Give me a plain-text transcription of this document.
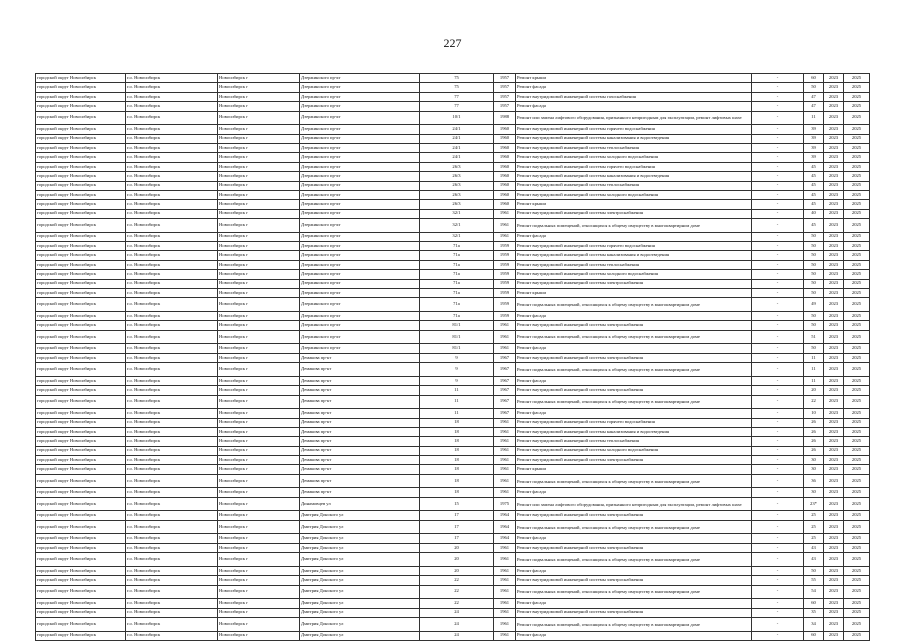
227
городской округ Новосибирск	г.о. Новосибирск	Новосибирск г	Дзержинского пр-кт	75	1957	Ремонт крыши	-	60	2023	2025
городской округ Новосибирск	г.о. Новосибирск	Новосибирск г	Дзержинского пр-кт	75	1957	Ремонт фасада	-	50	2023	2025
городской округ Новосибирск	г.о. Новосибирск	Новосибирск г	Дзержинского пр-кт	77	1957	Ремонт внутридомовой инженерной системы газоснабжения	-	47	2023	2025
городской округ Новосибирск	г.о. Новосибирск	Новосибирск г	Дзержинского пр-кт	77	1957	Ремонт фасада	-	47	2023	2025
городской округ Новосибирск	г.о. Новосибирск	Новосибирск г	Дзержинского пр-кт	10/1	1988	Ремонт или замена лифтового оборудования, признанного непригодным для эксплуатации, ремонт лифтовых шахт	-	11	2023	2025
городской округ Новосибирск	г.о. Новосибирск	Новосибирск г	Дзержинского пр-кт	24/1	1960	Ремонт внутридомовой инженерной системы горячего водоснабжения	-	39	2023	2025
городской округ Новосибирск	г.о. Новосибирск	Новосибирск г	Дзержинского пр-кт	24/1	1960	Ремонт внутридомовой инженерной системы канализования и водоотведения	-	39	2023	2025
городской округ Новосибирск	г.о. Новосибирск	Новосибирск г	Дзержинского пр-кт	24/1	1960	Ремонт внутридомовой инженерной системы теплоснабжения	-	39	2023	2025
городской округ Новосибирск	г.о. Новосибирск	Новосибирск г	Дзержинского пр-кт	24/1	1960	Ремонт внутридомовой инженерной системы холодного водоснабжения	-	39	2023	2025
городской округ Новосибирск	г.о. Новосибирск	Новосибирск г	Дзержинского пр-кт	26/3	1960	Ремонт внутридомовой инженерной системы горячего водоснабжения	-	45	2023	2025
городской округ Новосибирск	г.о. Новосибирск	Новосибирск г	Дзержинского пр-кт	26/3	1960	Ремонт внутридомовой инженерной системы канализования и водоотведения	-	45	2023	2025
городской округ Новосибирск	г.о. Новосибирск	Новосибирск г	Дзержинского пр-кт	26/3	1960	Ремонт внутридомовой инженерной системы теплоснабжения	-	45	2023	2025
городской округ Новосибирск	г.о. Новосибирск	Новосибирск г	Дзержинского пр-кт	26/3	1960	Ремонт внутридомовой инженерной системы холодного водоснабжения	-	45	2023	2025
городской округ Новосибирск	г.о. Новосибирск	Новосибирск г	Дзержинского пр-кт	26/3	1960	Ремонт крыши	-	45	2023	2025
городской округ Новосибирск	г.о. Новосибирск	Новосибирск г	Дзержинского пр-кт	32/1	1961	Ремонт внутридомовой инженерной системы электроснабжения	-	40	2023	2025
городской округ Новосибирск	г.о. Новосибирск	Новосибирск г	Дзержинского пр-кт	32/1	1961	Ремонт подвальных помещений, относящихся к общему имуществу в многоквартирном доме	-	45	2023	2025
городской округ Новосибирск	г.о. Новосибирск	Новосибирск г	Дзержинского пр-кт	32/1	1961	Ремонт фасада	-	50	2023	2025
городской округ Новосибирск	г.о. Новосибирск	Новосибирск г	Дзержинского пр-кт	71а	1959	Ремонт внутридомовой инженерной системы горячего водоснабжения	-	50	2023	2025
городской округ Новосибирск	г.о. Новосибирск	Новосибирск г	Дзержинского пр-кт	71а	1959	Ремонт внутридомовой инженерной системы канализования и водоотведения	-	50	2023	2025
городской округ Новосибирск	г.о. Новосибирск	Новосибирск г	Дзержинского пр-кт	71а	1959	Ремонт внутридомовой инженерной системы теплоснабжения	-	50	2023	2025
городской округ Новосибирск	г.о. Новосибирск	Новосибирск г	Дзержинского пр-кт	71а	1959	Ремонт внутридомовой инженерной системы холодного водоснабжения	-	50	2023	2025
городской округ Новосибирск	г.о. Новосибирск	Новосибирск г	Дзержинского пр-кт	71а	1959	Ремонт внутридомовой инженерной системы электроснабжения	-	50	2023	2025
городской округ Новосибирск	г.о. Новосибирск	Новосибирск г	Дзержинского пр-кт	71а	1959	Ремонт крыши	-	50	2023	2025
городской округ Новосибирск	г.о. Новосибирск	Новосибирск г	Дзержинского пр-кт	71а	1959	Ремонт подвальных помещений, относящихся к общему имуществу в многоквартирном доме	-	49	2023	2025
городской округ Новосибирск	г.о. Новосибирск	Новосибирск г	Дзержинского пр-кт	71а	1959	Ремонт фасада	-	50	2023	2025
городской округ Новосибирск	г.о. Новосибирск	Новосибирск г	Дзержинского пр-кт	81/1	1961	Ремонт внутридомовой инженерной системы электроснабжения	-	50	2023	2025
городской округ Новосибирск	г.о. Новосибирск	Новосибирск г	Дзержинского пр-кт	81/1	1961	Ремонт подвальных помещений, относящихся к общему имуществу в многоквартирном доме	-	51	2023	2025
городской округ Новосибирск	г.о. Новосибирск	Новосибирск г	Дзержинского пр-кт	81/1	1961	Ремонт фасада	-	50	2023	2025
городской округ Новосибирск	г.о. Новосибирск	Новосибирск г	Демакова пр-кт	9	1967	Ремонт внутридомовой инженерной системы электроснабжения	-	11	2023	2025
городской округ Новосибирск	г.о. Новосибирск	Новосибирск г	Демакова пр-кт	9	1967	Ремонт подвальных помещений, относящихся к общему имуществу в многоквартирном доме	-	11	2023	2025
городской округ Новосибирск	г.о. Новосибирск	Новосибирск г	Демакова пр-кт	9	1967	Ремонт фасада	-	11	2023	2025
городской округ Новосибирск	г.о. Новосибирск	Новосибирск г	Демакова пр-кт	11	1967	Ремонт внутридомовой инженерной системы электроснабжения	-	20	2023	2025
городской округ Новосибирск	г.о. Новосибирск	Новосибирск г	Демакова пр-кт	11	1967	Ремонт подвальных помещений, относящихся к общему имуществу в многоквартирном доме	-	22	2023	2025
городской округ Новосибирск	г.о. Новосибирск	Новосибирск г	Демакова пр-кт	11	1967	Ремонт фасада	-	10	2023	2025
городской округ Новосибирск	г.о. Новосибирск	Новосибирск г	Демакова пр-кт	18	1961	Ремонт внутридомовой инженерной системы горячего водоснабжения	-	26	2023	2025
городской округ Новосибирск	г.о. Новосибирск	Новосибирск г	Демакова пр-кт	18	1961	Ремонт внутридомовой инженерной системы канализования и водоотведения	-	26	2023	2025
городской округ Новосибирск	г.о. Новосибирск	Новосибирск г	Демакова пр-кт	18	1961	Ремонт внутридомовой инженерной системы теплоснабжения	-	26	2023	2025
городской округ Новосибирск	г.о. Новосибирск	Новосибирск г	Демакова пр-кт	18	1961	Ремонт внутридомовой инженерной системы холодного водоснабжения	-	26	2023	2025
городской округ Новосибирск	г.о. Новосибирск	Новосибирск г	Демакова пр-кт	18	1961	Ремонт внутридомовой инженерной системы электроснабжения	-	30	2023	2025
городской округ Новосибирск	г.о. Новосибирск	Новосибирск г	Демакова пр-кт	18	1961	Ремонт крыши	-	30	2023	2025
городской округ Новосибирск	г.о. Новосибирск	Новосибирск г	Демакова пр-кт	18	1961	Ремонт подвальных помещений, относящихся к общему имуществу в многоквартирном доме	-	36	2023	2025
городской округ Новосибирск	г.о. Новосибирск	Новосибирск г	Демакова пр-кт	18	1961	Ремонт фасада	-	30	2023	2025
городской округ Новосибирск	г.о. Новосибирск	Новосибирск г	Динамовцев ул	15	1975	Ремонт или замена лифтового оборудования, признанного непригодным для эксплуатации, ремонт лифтовых шахт	-	23*	2023	2025
городской округ Новосибирск	г.о. Новосибирск	Новосибирск г	Дмитрия Донского ул	17	1964	Ремонт внутридомовой инженерной системы электроснабжения	-	25	2023	2025
городской округ Новосибирск	г.о. Новосибирск	Новосибирск г	Дмитрия Донского ул	17	1964	Ремонт подвальных помещений, относящихся к общему имуществу в многоквартирном доме	-	25	2023	2025
городской округ Новосибирск	г.о. Новосибирск	Новосибирск г	Дмитрия Донского ул	17	1964	Ремонт фасада	-	25	2023	2025
городской округ Новосибирск	г.о. Новосибирск	Новосибирск г	Дмитрия Донского ул	20	1961	Ремонт внутридомовой инженерной системы электроснабжения	-	43	2023	2025
городской округ Новосибирск	г.о. Новосибирск	Новосибирск г	Дмитрия Донского ул	20	1961	Ремонт подвальных помещений, относящихся к общему имуществу в многоквартирном доме	-	43	2023	2025
городской округ Новосибирск	г.о. Новосибирск	Новосибирск г	Дмитрия Донского ул	20	1961	Ремонт фасада	-	50	2023	2025
городской округ Новосибирск	г.о. Новосибирск	Новосибирск г	Дмитрия Донского ул	22	1961	Ремонт внутридомовой инженерной системы электроснабжения	-	55	2023	2025
городской округ Новосибирск	г.о. Новосибирск	Новосибирск г	Дмитрия Донского ул	22	1961	Ремонт подвальных помещений, относящихся к общему имуществу в многоквартирном доме	-	54	2023	2025
городской округ Новосибирск	г.о. Новосибирск	Новосибирск г	Дмитрия Донского ул	22	1961	Ремонт фасада	-	60	2023	2025
городской округ Новосибирск	г.о. Новосибирск	Новосибирск г	Дмитрия Донского ул	24	1961	Ремонт внутридомовой инженерной системы электроснабжения	-	35	2023	2025
городской округ Новосибирск	г.о. Новосибирск	Новосибирск г	Дмитрия Донского ул	24	1961	Ремонт подвальных помещений, относящихся к общему имуществу в многоквартирном доме	-	34	2023	2025
городской округ Новосибирск	г.о. Новосибирск	Новосибирск г	Дмитрия Донского ул	24	1961	Ремонт фасада	-	60	2023	2025
